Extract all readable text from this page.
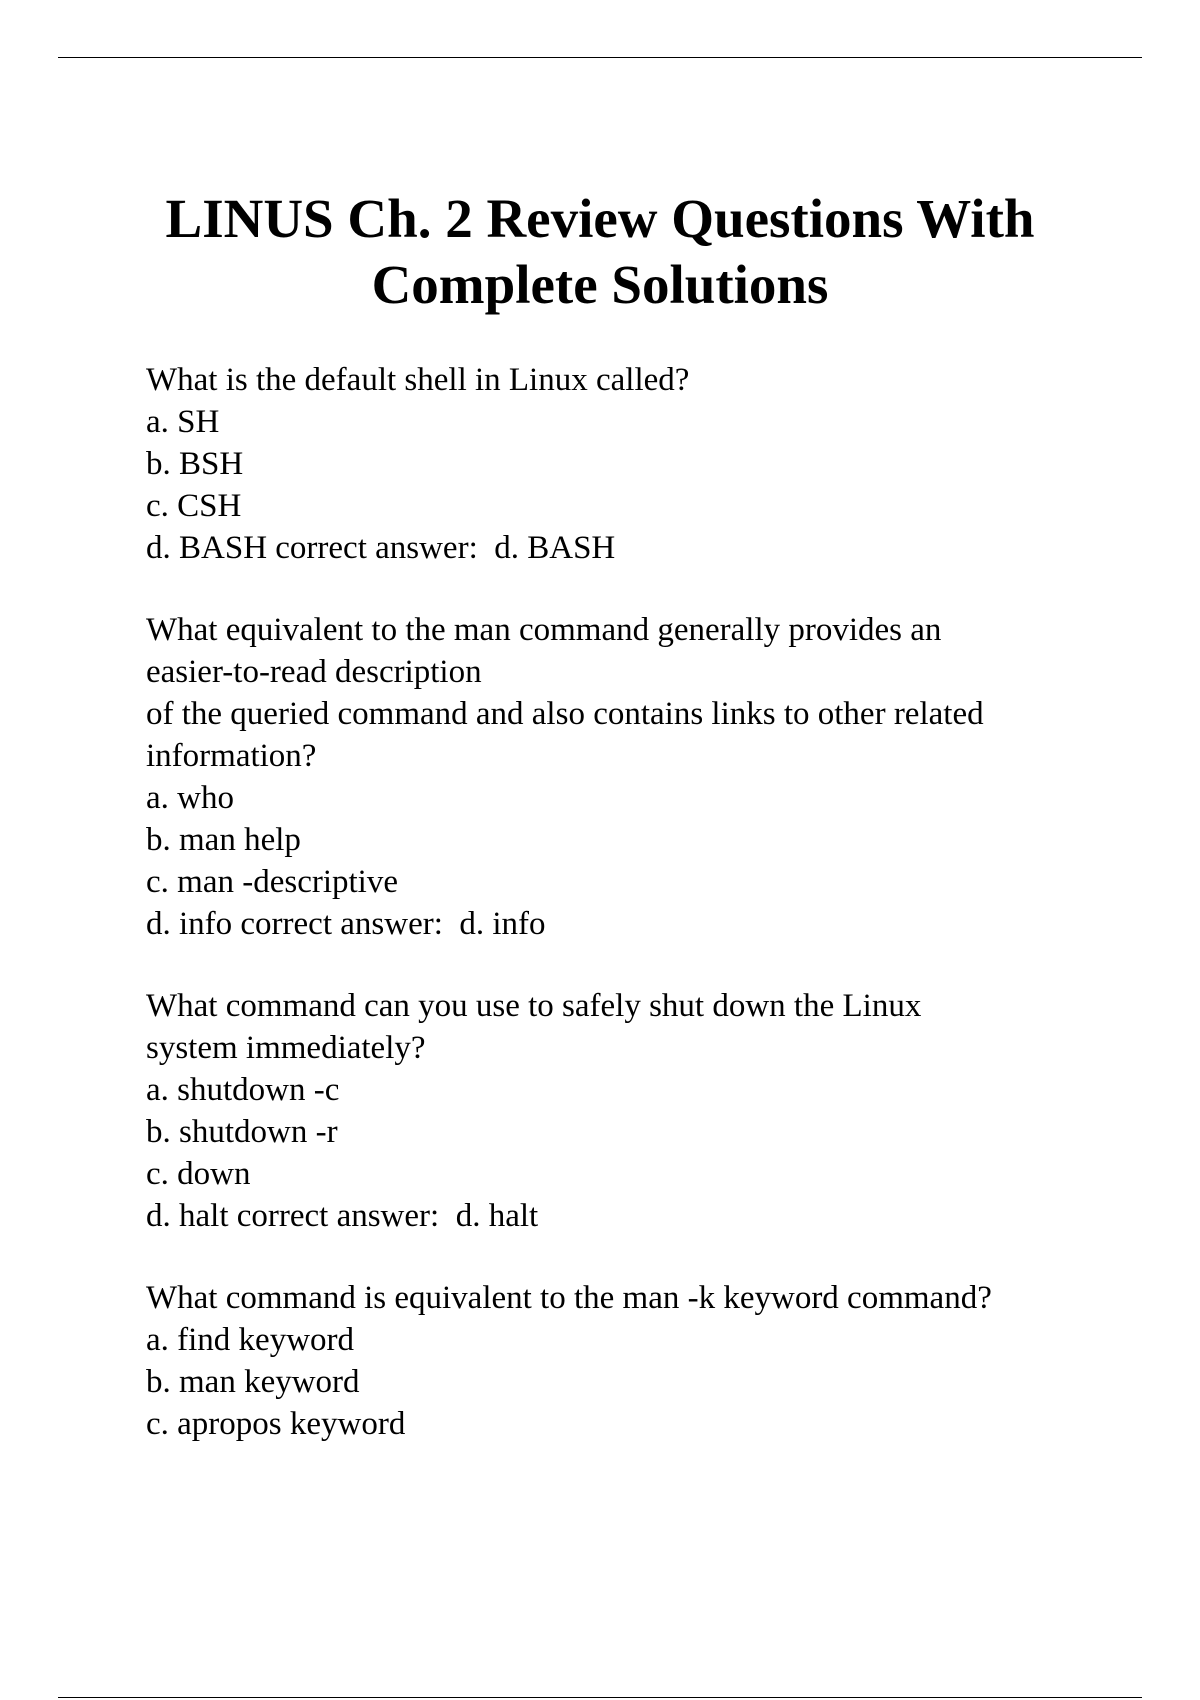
LINUS Ch. 2 Review Questions With
Complete Solutions
What is the default shell in Linux called?
a. SH
b. BSH
c. CSH
d. BASH correct answer:  d. BASH
What equivalent to the man command generally provides an
easier-to-read description
of the queried command and also contains links to other related
information?
a. who
b. man help
c. man -descriptive
d. info correct answer:  d. info
What command can you use to safely shut down the Linux
system immediately?
a. shutdown -c
b. shutdown -r
c. down
d. halt correct answer:  d. halt
What command is equivalent to the man -k keyword command?
a. find keyword
b. man keyword
c. apropos keyword
